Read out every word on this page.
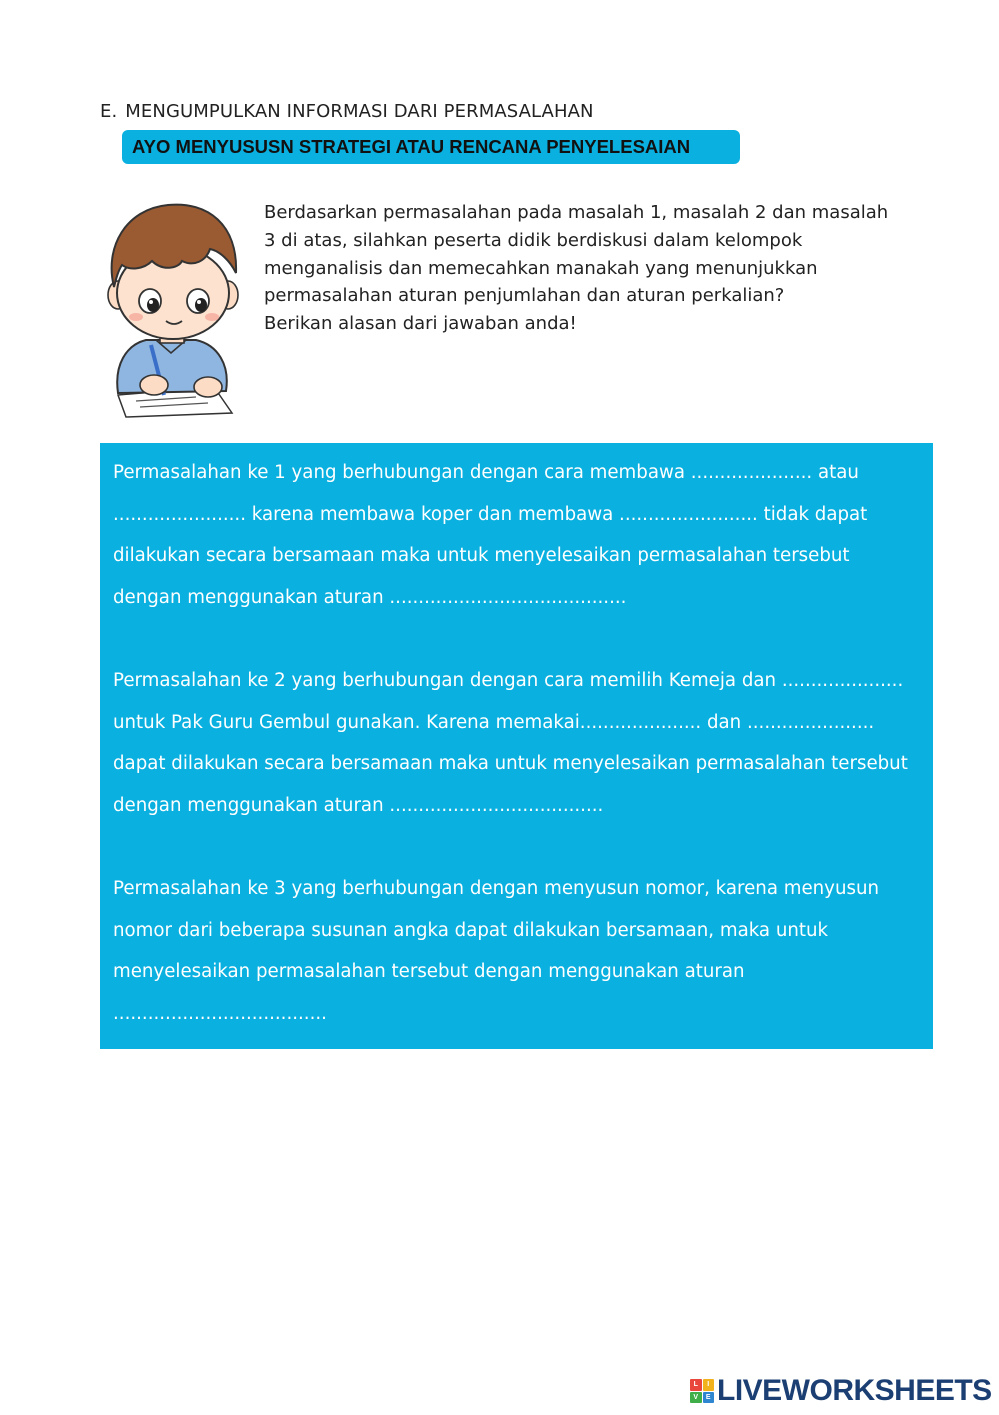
E. MENGUMPULKAN INFORMASI DARI PERMASALAHAN
AYO MENYUSUSN STRATEGI ATAU RENCANA PENYELESAIAN

Berdasarkan permasalahan pada masalah 1, masalah 2 dan masalah 3 di atas, silahkan peserta didik berdiskusi dalam kelompok menganalisis dan memecahkan manakah yang menunjukkan permasalahan aturan penjumlahan dan aturan perkalian?

Berikan alasan dari jawaban anda!

Permasalahan ke 1 yang berhubungan dengan cara membawa ..................... atau ....................... karena membawa koper dan membawa ........................ tidak dapat dilakukan secara bersamaan maka untuk menyelesaikan permasalahan tersebut dengan menggunakan aturan .........................................

Permasalahan ke 2 yang berhubungan dengan cara memilih Kemeja dan ..................... untuk Pak Guru Gembul gunakan. Karena memakai..................... dan ...................... dapat dilakukan secara bersamaan maka untuk menyelesaikan permasalahan tersebut dengan menggunakan aturan .....................................

Permasalahan ke 3 yang berhubungan dengan menyusun nomor, karena menyusun nomor dari beberapa susunan angka dapat dilakukan bersamaan, maka untuk menyelesaikan permasalahan tersebut dengan menggunakan aturan .....................................

L	I
V	E LIVEWORKSHEETS
